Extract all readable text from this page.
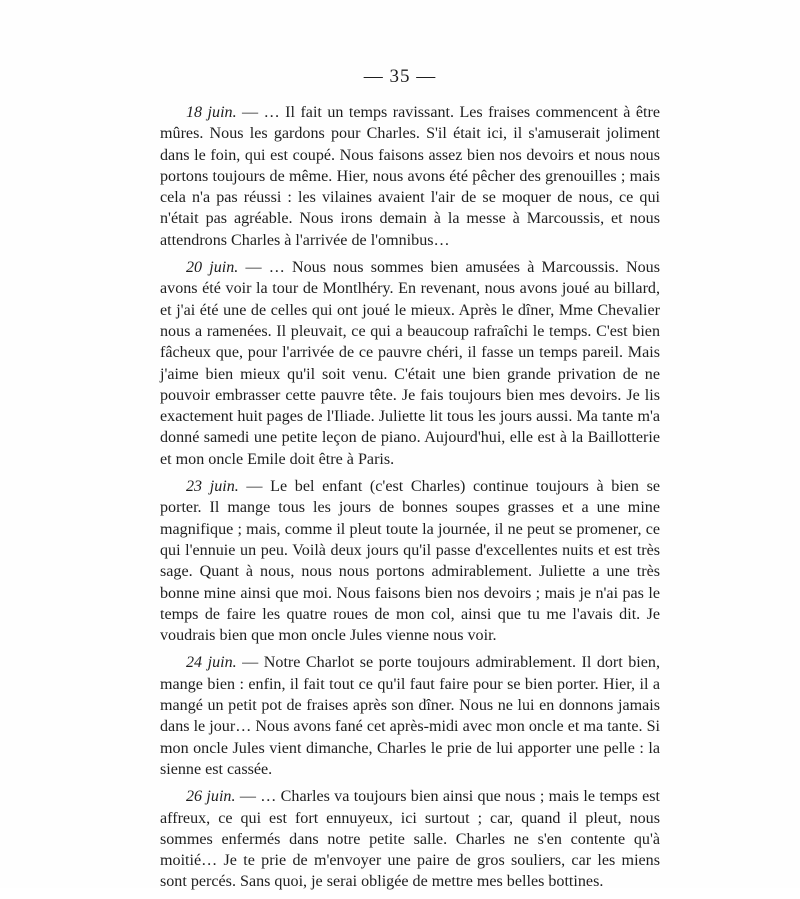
— 35 —

18 juin. — … Il fait un temps ravissant. Les fraises commencent à être mûres. Nous les gardons pour Charles. S'il était ici, il s'amuserait joliment dans le foin, qui est coupé. Nous faisons assez bien nos devoirs et nous nous portons toujours de même. Hier, nous avons été pêcher des grenouilles ; mais cela n'a pas réussi : les vilaines avaient l'air de se moquer de nous, ce qui n'était pas agréable. Nous irons demain à la messe à Marcoussis, et nous attendrons Charles à l'arrivée de l'omnibus…

20 juin. — … Nous nous sommes bien amusées à Marcoussis. Nous avons été voir la tour de Montlhéry. En revenant, nous avons joué au billard, et j'ai été une de celles qui ont joué le mieux. Après le dîner, Mme Chevalier nous a ramenées. Il pleuvait, ce qui a beaucoup rafraîchi le temps. C'est bien fâcheux que, pour l'arrivée de ce pauvre chéri, il fasse un temps pareil. Mais j'aime bien mieux qu'il soit venu. C'était une bien grande privation de ne pouvoir embrasser cette pauvre tête. Je fais toujours bien mes devoirs. Je lis exactement huit pages de l'Iliade. Juliette lit tous les jours aussi. Ma tante m'a donné samedi une petite leçon de piano. Aujourd'hui, elle est à la Baillotterie et mon oncle Emile doit être à Paris.

23 juin. — Le bel enfant (c'est Charles) continue toujours à bien se porter. Il mange tous les jours de bonnes soupes grasses et a une mine magnifique ; mais, comme il pleut toute la journée, il ne peut se promener, ce qui l'ennuie un peu. Voilà deux jours qu'il passe d'excellentes nuits et est très sage. Quant à nous, nous nous portons admirablement. Juliette a une très bonne mine ainsi que moi. Nous faisons bien nos devoirs ; mais je n'ai pas le temps de faire les quatre roues de mon col, ainsi que tu me l'avais dit. Je voudrais bien que mon oncle Jules vienne nous voir.

24 juin. — Notre Charlot se porte toujours admirablement. Il dort bien, mange bien : enfin, il fait tout ce qu'il faut faire pour se bien porter. Hier, il a mangé un petit pot de fraises après son dîner. Nous ne lui en donnons jamais dans le jour… Nous avons fané cet après-midi avec mon oncle et ma tante. Si mon oncle Jules vient dimanche, Charles le prie de lui apporter une pelle : la sienne est cassée.

26 juin. — … Charles va toujours bien ainsi que nous ; mais le temps est affreux, ce qui est fort ennuyeux, ici surtout ; car, quand il pleut, nous sommes enfermés dans notre petite salle. Charles ne s'en contente qu'à moitié… Je te prie de m'envoyer une paire de gros souliers, car les miens sont percés. Sans quoi, je serai obligée de mettre mes belles bottines.
